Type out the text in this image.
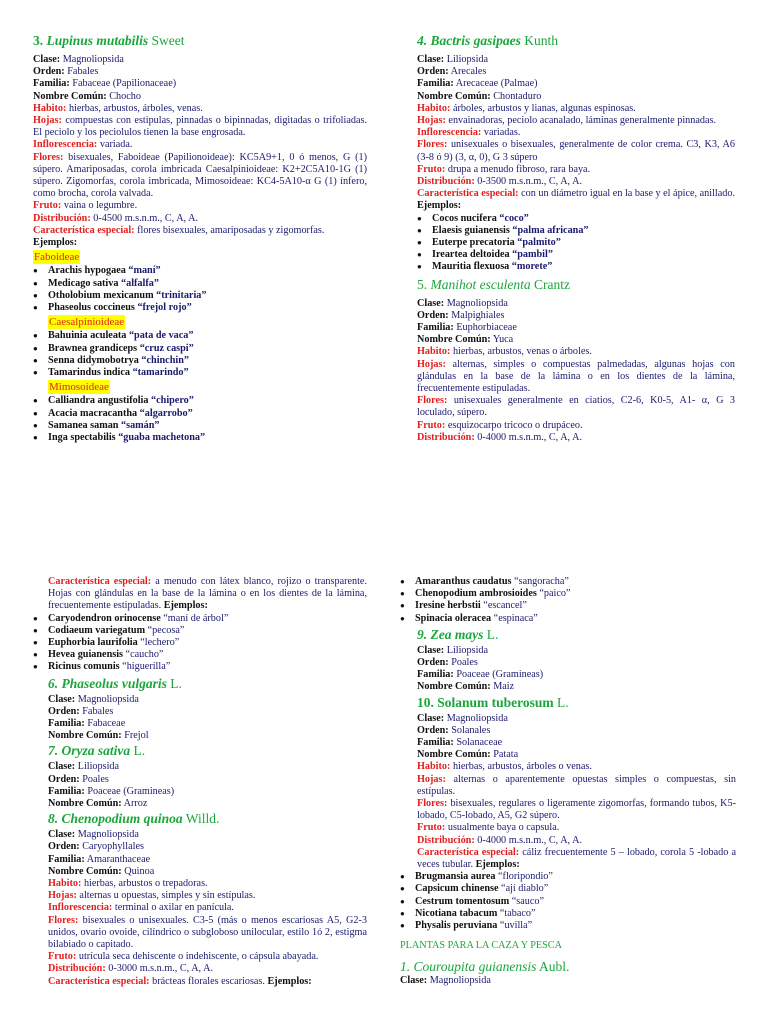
3. Lupinus mutabilis Sweet

Clase: Magnoliopsida

Orden: Fabales

Familia: Fabaceae (Papilionaceae)

Nombre Común: Chocho

Habito: hierbas, arbustos, árboles, venas.

Hojas: compuestas con estipulas, pinnadas o bipinnadas, digitadas o trifoliadas. El peciolo y los peciolulos tienen la base engrosada.

Inflorescencia: variada.

Flores: bisexuales, Faboideae (Papilionoideae): KC5A9+1, 0 ó menos, G (1) súpero. Amariposadas, corola imbricada Caesalpinioideae: K2+2C5A10-1G (1) súpero. Zigomorfas, corola imbricada, Mimosoideae: KC4-5A10-α G (1) ínfero, como brocha, corola valvada.

Fruto: vaina o legumbre.

Distribución: 0-4500 m.s.n.m., C, A, A.

Característica especial: flores bisexuales, amariposadas y zigomorfas.

Ejemplos:

Faboideae
● Arachis hypogaea “maní”
● Medicago sativa “alfalfa”
● Otholobium mexicanum “trinitaria”
● Phaseolus coccineus “frejol rojo”
Caesalpinioideae
● Bahuinia aculeata “pata de vaca”
● Brawnea grandiceps “cruz caspi”
● Senna didymobotrya “chinchin”
● Tamarindus indica “tamarindo”
Mimosoideae
● Calliandra angustifolia “chipero”
● Acacia macracantha “algarrobo”
● Samanea saman “samán”
● Inga spectabilis “guaba machetona”
4. Bactris gasipaes Kunth

Clase: Liliopsida

Orden: Arecales

Familia: Arecaceae (Palmae)

Nombre Común: Chontaduro

Habito: árboles, arbustos y lianas, algunas espinosas.

Hojas: envainadoras, peciolo acanalado, láminas generalmente pinnadas.

Inflorescencia: variadas.

Flores: unisexuales o bisexuales, generalmente de color crema. C3, K3, A6 (3-8 ó 9) (3, α, 0), G 3 súpero

Fruto: drupa a menudo fibroso, rara baya.

Distribución: 0-3500 m.s.n.m., C, A, A.

Característica especial: con un diámetro igual en la base y el ápice, anillado. Ejemplos:

● Cocos nucifera “coco”
● Elaesis guianensis “palma africana”
● Euterpe precatoria “palmito”
● Ireartea deltoidea “pambil”
● Mauritia flexuosa “morete”
5. Manihot esculenta Crantz

Clase: Magnoliopsida

Orden: Malpighiales

Familia: Euphorbiaceae

Nombre Común: Yuca

Habito: hierbas, arbustos, venas o árboles.

Hojas: alternas, simples o compuestas palmedadas, algunas hojas con glándulas en la base de la lámina o en los dientes de la lámina, frecuentemente estipuladas.

Flores: unisexuales generalmente en ciatios, C2-6, K0-5, A1- α, G 3 loculado, súpero.

Fruto: esquizocarpo tricoco o drupáceo.

Distribución: 0-4000 m.s.n.m., C, A, A.

Característica especial: a menudo con látex blanco, rojizo o transparente. Hojas con glándulas en la base de la lámina o en los dientes de la lámina, frecuentemente estipuladas. Ejemplos:

● Caryodendron orinocense “maní de árbol”
● Codiaeum variegatum “pecosa”
● Euphorbia laurifolia “lechero”
● Hevea guianensis “caucho”
● Ricinus comunis “higuerilla”
6. Phaseolus vulgaris L.

Clase: Magnoliopsida

Orden: Fabales

Familia: Fabaceae

Nombre Común: Frejol

7. Oryza sativa L.

Clase: Liliopsida

Orden: Poales

Familia: Poaceae (Gramineas)

Nombre Común: Arroz

8. Chenopodium quinoa Willd.

Clase: Magnoliopsida

Orden: Caryophyllales

Familia: Amaranthaceae

Nombre Común: Quinoa

Habito: hierbas, arbustos o trepadoras.

Hojas: alternas u opuestas, simples y sin estípulas.

Inflorescencia: terminal o axilar en panícula.

Flores: bisexuales o unisexuales. C3-5 (más o menos escariosas A5, G2-3 unidos, ovario ovoide, cilíndrico o subgloboso unilocular, estilo 1ó 2, estigma bilabiado o capitado.

Fruto: utrícula seca dehiscente o indehiscente, o cápsula abayada.

Distribución: 0-3000 m.s.n.m., C, A, A.

Característica especial: brácteas florales escariosas. Ejemplos:

● Amaranthus caudatus “sangoracha”
● Chenopodium ambrosioides “paico”
● Iresine herbstii “escancel”
● Spinacia oleracea “espinaca”
9. Zea mays L.

Clase: Liliopsida

Orden: Poales

Familia: Poaceae (Gramineas)

Nombre Común: Maiz

10. Solanum tuberosum L.

Clase: Magnoliopsida

Orden: Solanales

Familia: Solanaceae

Nombre Común: Patata

Habito: hierbas, arbustos, árboles o venas.

Hojas: alternas o aparentemente opuestas simples o compuestas, sin estípulas.

Flores: bisexuales, regulares o ligeramente zigomorfas, formando tubos, K5-lobado, C5-lobado, A5, G2 súpero.

Fruto: usualmente baya o capsula.

Distribución: 0-4000 m.s.n.m., C, A, A.

Característica especial: cáliz frecuentemente 5 – lobado, corola 5 -lobado a veces tubular. Ejemplos:

● Brugmansia aurea “floripondio”
● Capsicum chinense “ají diablo”
● Cestrum tomentosum “sauco”
● Nicotiana tabacum “tabaco”
● Physalis peruviana “uvilla”
PLANTAS PARA LA CAZA Y PESCA
1. Couroupita guianensis Aubl.

Clase: Magnoliopsida
